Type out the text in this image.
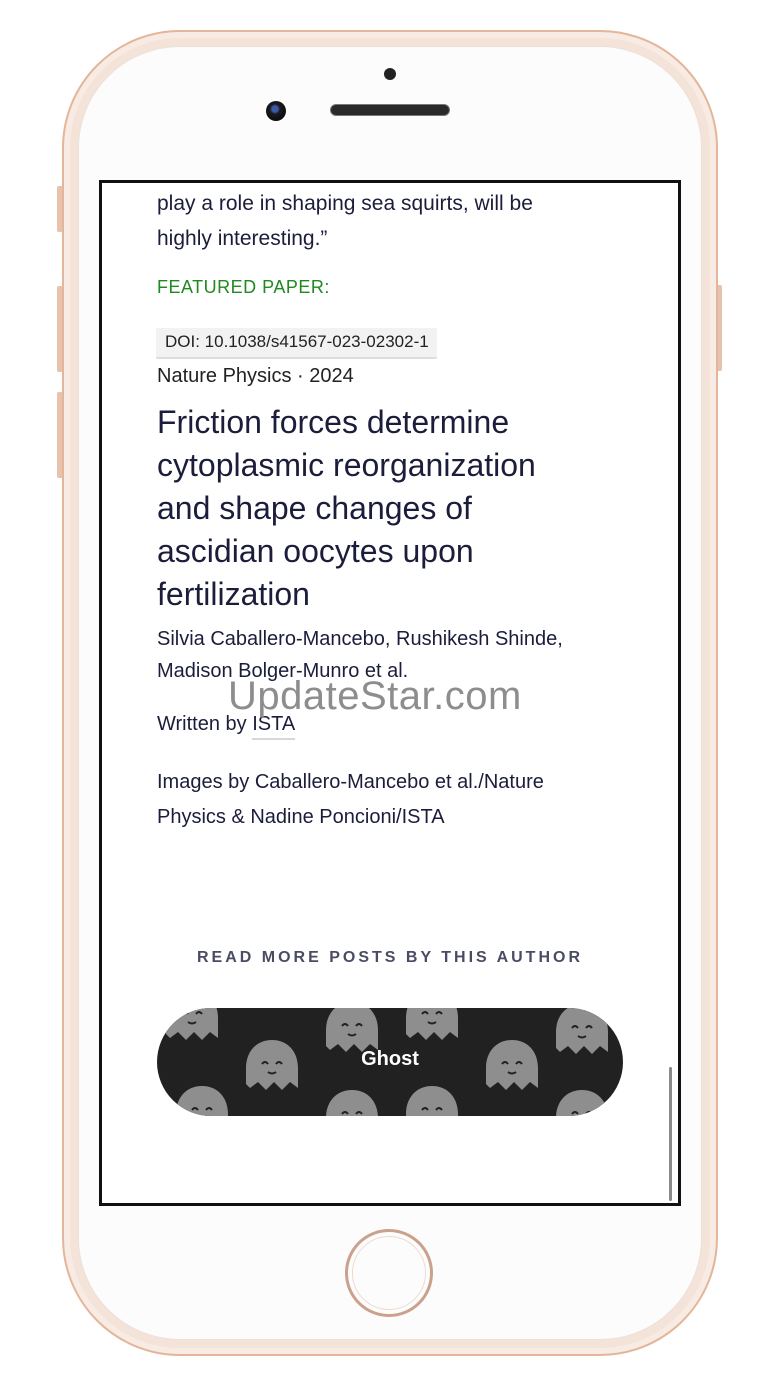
play a role in shaping sea squirts, will be
highly interesting.”

FEATURED PAPER:
DOI: 10.1038/s41567-023-02302-1
Nature Physics · 2024
Friction forces determine cytoplasmic reorganization and shape changes of ascidian oocytes upon fertilization
Silvia Caballero-Mancebo, Rushikesh Shinde, Madison Bolger-Munro et al.
Written by ISTA
Images by Caballero-Mancebo et al./Nature Physics & Nadine Poncioni/ISTA
READ MORE POSTS BY THIS AUTHOR
Ghost
UpdateStar.com
